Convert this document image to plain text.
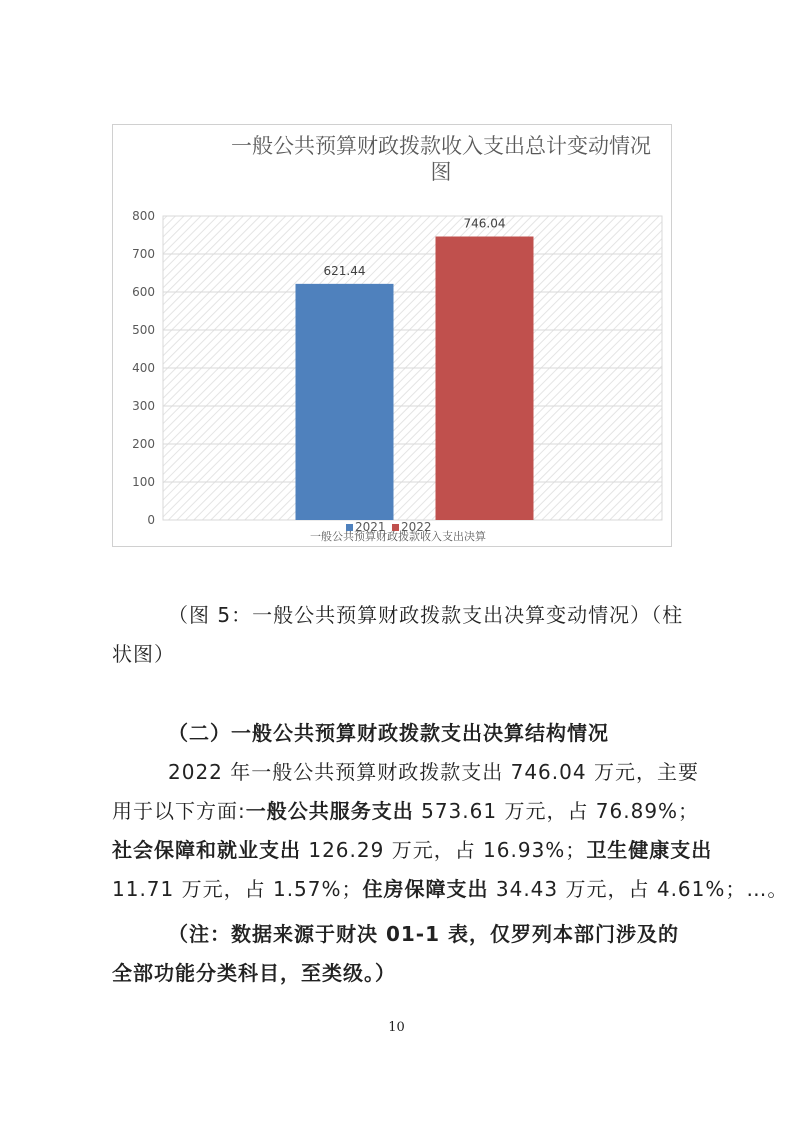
一般公共预算财政拨款收入支出总计变动情况
图
0
100
200
300
400
500
600
700
800
621.44
746.04
2021 2022
一般公共预算财政拨款收入支出决算
（图 5：一般公共预算财政拨款支出决算变动情况）（柱
状图）
（二）一般公共预算财政拨款支出决算结构情况
2022 年一般公共预算财政拨款支出 746.04 万元，主要
用于以下方面:一般公共服务支出 573.61 万元，占 76.89%；
社会保障和就业支出 126.29 万元，占 16.93%；卫生健康支出
11.71 万元，占 1.57%；住房保障支出 34.43 万元，占 4.61%；…。
（注：数据来源于财决 01-1 表，仅罗列本部门涉及的
全部功能分类科目，至类级。）
10
